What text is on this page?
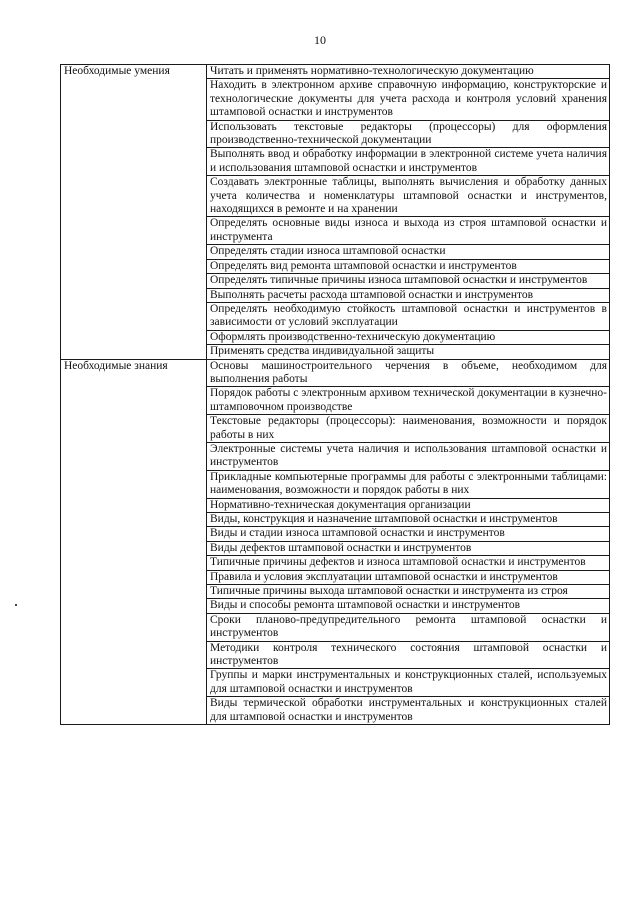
10
Необходимые умения	Читать и применять нормативно-технологическую документацию
	Находить в электронном архиве справочную информацию, конструкторские и технологические документы для учета расхода и контроля условий хранения штамповой оснастки и инструментов
	Использовать текстовые редакторы (процессоры) для оформления производственно-технической документации
	Выполнять ввод и обработку информации в электронной системе учета наличия и использования штамповой оснастки и инструментов
	Создавать электронные таблицы, выполнять вычисления и обработку данных учета количества и номенклатуры штамповой оснастки и инструментов, находящихся в ремонте и на хранении
	Определять основные виды износа и выхода из строя штамповой оснастки и инструмента
	Определять стадии износа штамповой оснастки
	Определять вид ремонта штамповой оснастки и инструментов
	Определять типичные причины износа штамповой оснастки и инструментов
	Выполнять расчеты расхода штамповой оснастки и инструментов
	Определять необходимую стойкость штамповой оснастки и инструментов в зависимости от условий эксплуатации
	Оформлять производственно-техническую документацию
	Применять средства индивидуальной защиты
Необходимые знания	Основы машиностроительного черчения в объеме, необходимом для выполнения работы
	Порядок работы с электронным архивом технической документации в кузнечно-штамповочном производстве
	Текстовые редакторы (процессоры): наименования, возможности и порядок работы в них
	Электронные системы учета наличия и использования штамповой оснастки и инструментов
	Прикладные компьютерные программы для работы с электронными таблицами: наименования, возможности и порядок работы в них
	Нормативно-техническая документация организации
	Виды, конструкция и назначение штамповой оснастки и инструментов
	Виды и стадии износа штамповой оснастки и инструментов
	Виды дефектов штамповой оснастки и инструментов
	Типичные причины дефектов и износа штамповой оснастки и инструментов
	Правила и условия эксплуатации штамповой оснастки и инструментов
	Типичные причины выхода штамповой оснастки и инструмента из строя
	Виды и способы ремонта штамповой оснастки и инструментов
	Сроки планово-предупредительного ремонта штамповой оснастки и инструментов
	Методики контроля технического состояния штамповой оснастки и инструментов
	Группы и марки инструментальных и конструкционных сталей, используемых для штамповой оснастки и инструментов
	Виды термической обработки инструментальных и конструкционных сталей для штамповой оснастки и инструментов
